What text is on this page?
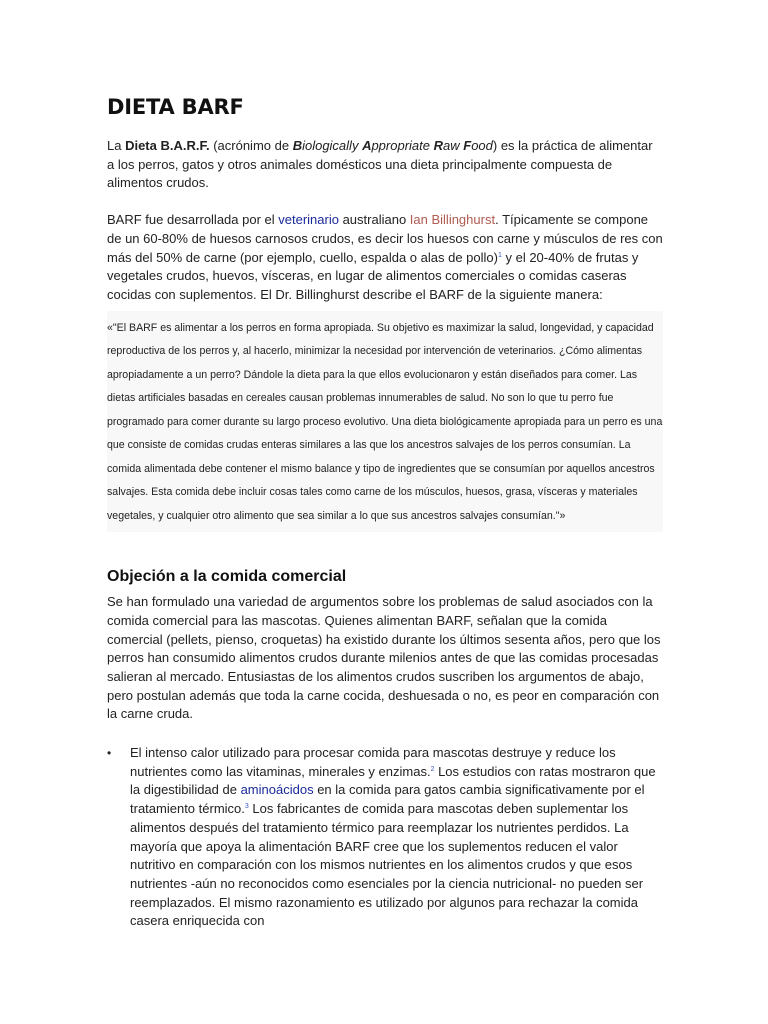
DIETA BARF

La Dieta B.A.R.F. (acrónimo de Biologically Appropriate Raw Food) es la práctica de alimentar a los perros, gatos y otros animales domésticos una dieta principalmente compuesta de alimentos crudos.

BARF fue desarrollada por el veterinario australiano Ian Billinghurst. Típicamente se compone de un 60-80% de huesos carnosos crudos, es decir los huesos con carne y músculos de res con más del 50% de carne (por ejemplo, cuello, espalda o alas de pollo)$^1$ y el 20-40% de frutas y vegetales crudos, huevos, vísceras, en lugar de alimentos comerciales o comidas caseras cocidas con suplementos. El Dr. Billinghurst describe el BARF de la siguiente manera:

«"El BARF es alimentar a los perros en forma apropiada. Su objetivo es maximizar la salud, longevidad, y capacidad reproductiva de los perros y, al hacerlo, minimizar la necesidad por intervención de veterinarios. ¿Cómo alimentas apropiadamente a un perro? Dándole la dieta para la que ellos evolucionaron y están diseñados para comer. Las dietas artificiales basadas en cereales causan problemas innumerables de salud. No son lo que tu perro fue programado para comer durante su largo proceso evolutivo. Una dieta biológicamente apropiada para un perro es una que consiste de comidas crudas enteras similares a las que los ancestros salvajes de los perros consumían. La comida alimentada debe contener el mismo balance y tipo de ingredientes que se consumían por aquellos ancestros salvajes. Esta comida debe incluir cosas tales como carne de los músculos, huesos, grasa, vísceras y materiales vegetales, y cualquier otro alimento que sea similar a lo que sus ancestros salvajes consumían."»
Objeción a la comida comercial

Se han formulado una variedad de argumentos sobre los problemas de salud asociados con la comida comercial para las mascotas. Quienes alimentan BARF, señalan que la comida comercial (pellets, pienso, croquetas) ha existido durante los últimos sesenta años, pero que los perros han consumido alimentos crudos durante milenios antes de que las comidas procesadas salieran al mercado. Entusiastas de los alimentos crudos suscriben los argumentos de abajo, pero postulan además que toda la carne cocida, deshuesada o no, es peor en comparación con la carne cruda.

• El intenso calor utilizado para procesar comida para mascotas destruye y reduce los nutrientes como las vitaminas, minerales y enzimas.$^2$ Los estudios con ratas mostraron que la digestibilidad de aminoácidos en la comida para gatos cambia significativamente por el tratamiento térmico.$^3$ Los fabricantes de comida para mascotas deben suplementar los alimentos después del tratamiento térmico para reemplazar los nutrientes perdidos. La mayoría que apoya la alimentación BARF cree que los suplementos reducen el valor nutritivo en comparación con los mismos nutrientes en los alimentos crudos y que esos nutrientes -aún no reconocidos como esenciales por la ciencia nutricional- no pueden ser reemplazados. El mismo razonamiento es utilizado por algunos para rechazar la comida casera enriquecida con
